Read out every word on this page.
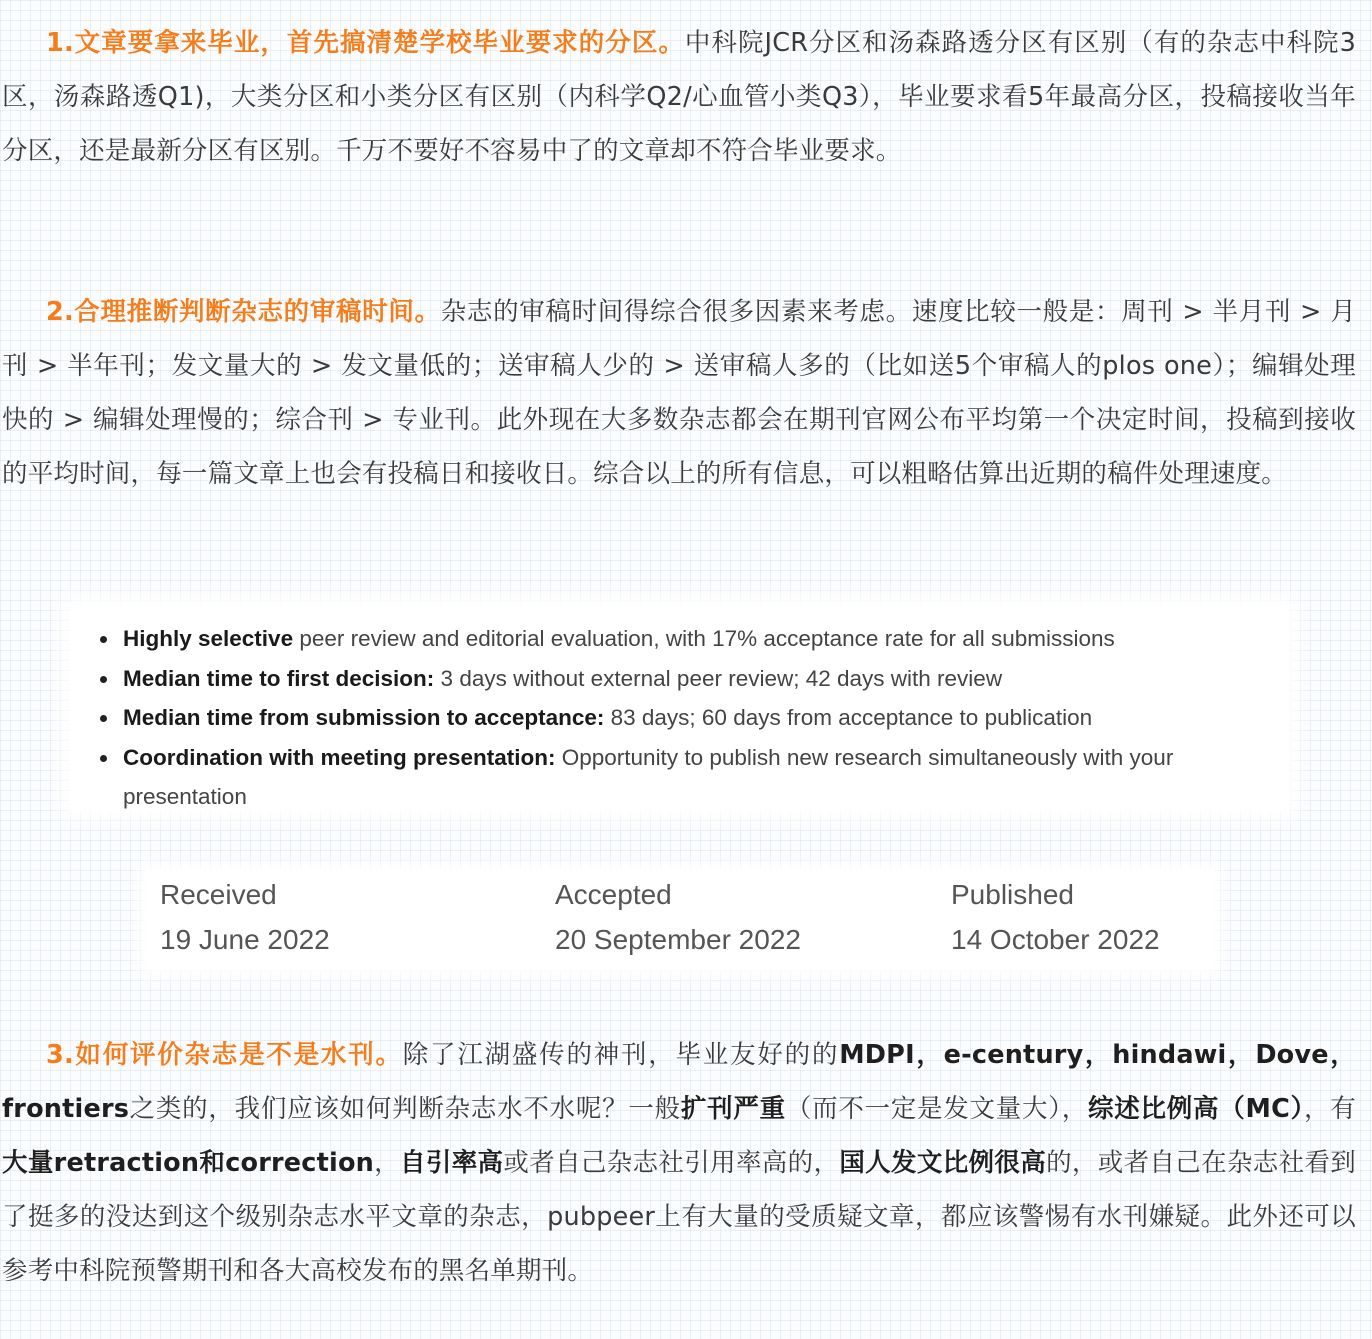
1.文章要拿来毕业，首先搞清楚学校毕业要求的分区。中科院JCR分区和汤森路透分区有区别（有的杂志中科院3区，汤森路透Q1)，大类分区和小类分区有区别（内科学Q2/心血管小类Q3），毕业要求看5年最高分区，投稿接收当年分区，还是最新分区有区别。千万不要好不容易中了的文章却不符合毕业要求。

2.合理推断判断杂志的审稿时间。杂志的审稿时间得综合很多因素来考虑。速度比较一般是：周刊 > 半月刊 > 月刊 > 半年刊；发文量大的 > 发文量低的；送审稿人少的 > 送审稿人多的（比如送5个审稿人的plos one）；编辑处理快的 > 编辑处理慢的；综合刊 > 专业刊。此外现在大多数杂志都会在期刊官网公布平均第一个决定时间，投稿到接收的平均时间，每一篇文章上也会有投稿日和接收日。综合以上的所有信息，可以粗略估算出近期的稿件处理速度。

Highly selective peer review and editorial evaluation, with 17% acceptance rate for all submissions
Median time to first decision: 3 days without external peer review; 42 days with review
Median time from submission to acceptance: 83 days; 60 days from acceptance to publication
Coordination with meeting presentation: Opportunity to publish new research simultaneously with your presentation
Received
19 June 2022
Accepted
20 September 2022
Published
14 October 2022

3.如何评价杂志是不是水刊。除了江湖盛传的神刊，毕业友好的的MDPI，e-century，hindawi，Dove，frontiers之类的，我们应该如何判断杂志水不水呢？一般扩刊严重（而不一定是发文量大），综述比例高（MC），有大量retraction和correction，自引率高或者自己杂志社引用率高的，国人发文比例很高的，或者自己在杂志社看到了挺多的没达到这个级别杂志水平文章的杂志，pubpeer上有大量的受质疑文章，都应该警惕有水刊嫌疑。此外还可以参考中科院预警期刊和各大高校发布的黑名单期刊。
